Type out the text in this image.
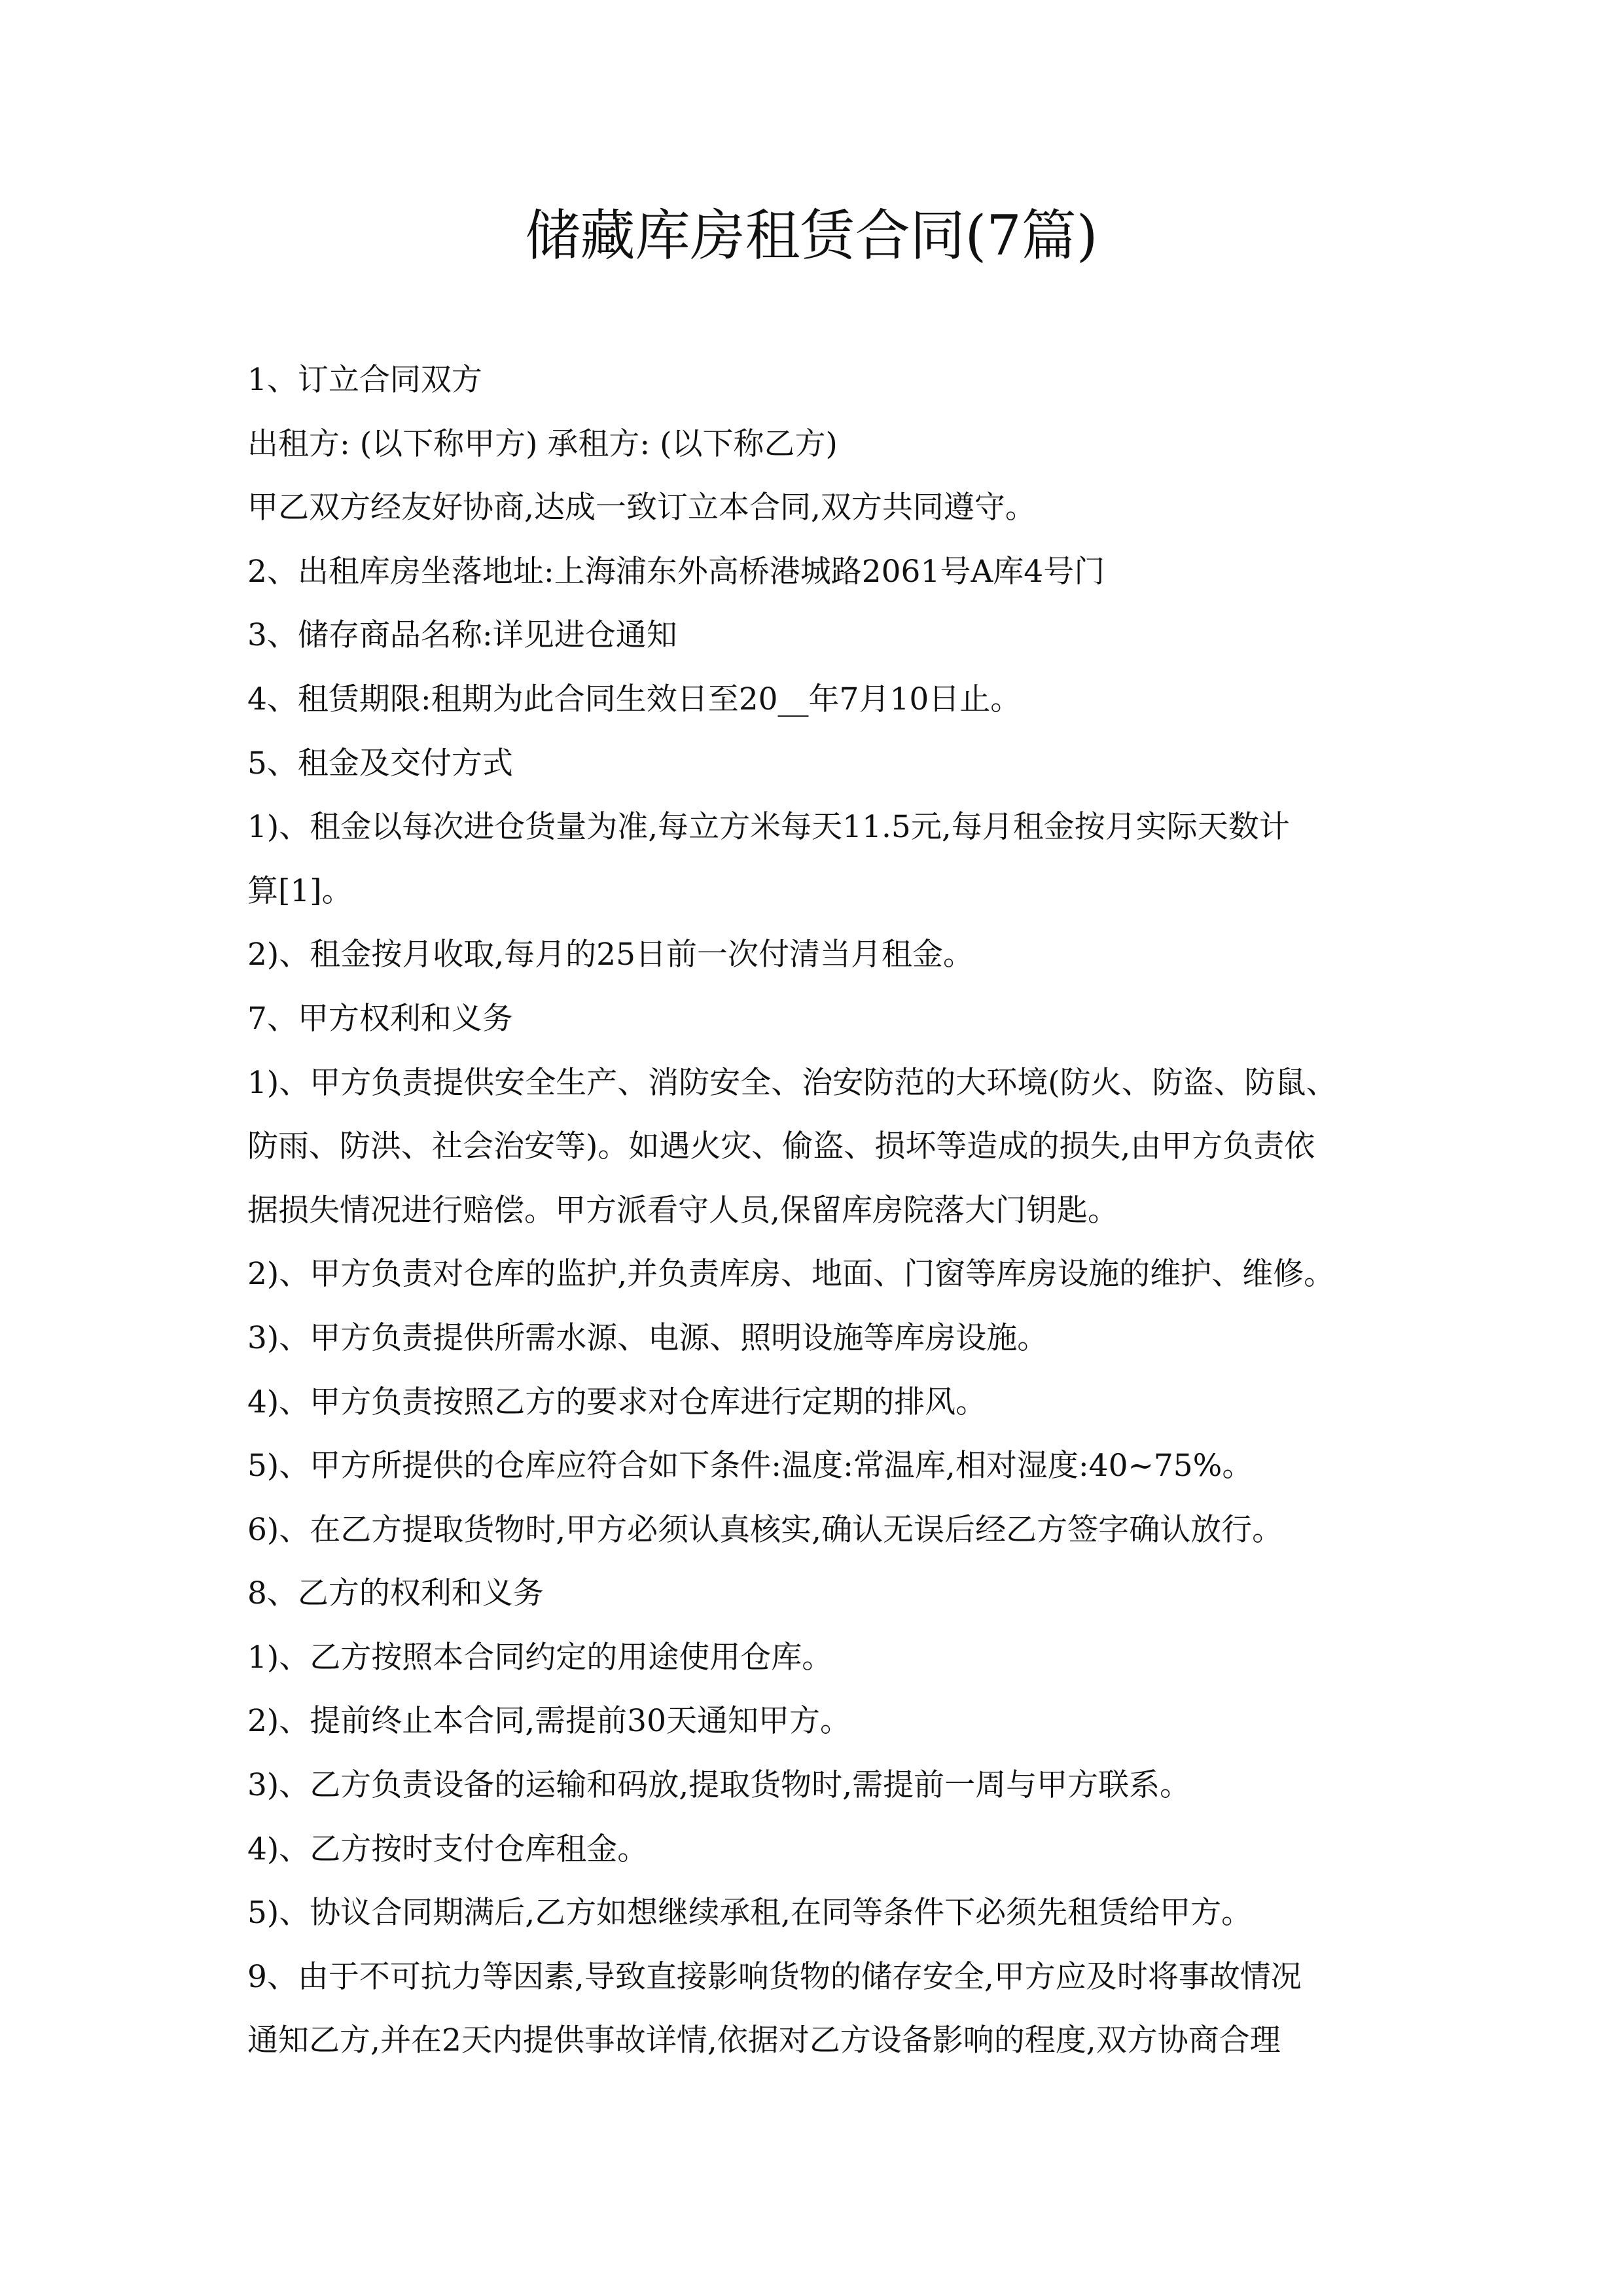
储藏库房租赁合同(7篇)
1、订立合同双方
出租方: (以下称甲方) 承租方: (以下称乙方)
甲乙双方经友好协商,达成一致订立本合同,双方共同遵守。
2、出租库房坐落地址:上海浦东外高桥港城路2061号A库4号门
3、储存商品名称:详见进仓通知
4、租赁期限:租期为此合同生效日至20__年7月10日止。
5、租金及交付方式
1)、租金以每次进仓货量为准,每立方米每天11.5元,每月租金按月实际天数计
算[1]。
2)、租金按月收取,每月的25日前一次付清当月租金。
7、甲方权利和义务
1)、甲方负责提供安全生产、消防安全、治安防范的大环境(防火、防盗、防鼠、
防雨、防洪、社会治安等)。如遇火灾、偷盗、损坏等造成的损失,由甲方负责依
据损失情况进行赔偿。甲方派看守人员,保留库房院落大门钥匙。
2)、甲方负责对仓库的监护,并负责库房、地面、门窗等库房设施的维护、维修。
3)、甲方负责提供所需水源、电源、照明设施等库房设施。
4)、甲方负责按照乙方的要求对仓库进行定期的排风。
5)、甲方所提供的仓库应符合如下条件:温度:常温库,相对湿度:40~75%。
6)、在乙方提取货物时,甲方必须认真核实,确认无误后经乙方签字确认放行。
8、乙方的权利和义务
1)、乙方按照本合同约定的用途使用仓库。
2)、提前终止本合同,需提前30天通知甲方。
3)、乙方负责设备的运输和码放,提取货物时,需提前一周与甲方联系。
4)、乙方按时支付仓库租金。
5)、协议合同期满后,乙方如想继续承租,在同等条件下必须先租赁给甲方。
9、由于不可抗力等因素,导致直接影响货物的储存安全,甲方应及时将事故情况
通知乙方,并在2天内提供事故详情,依据对乙方设备影响的程度,双方协商合理
